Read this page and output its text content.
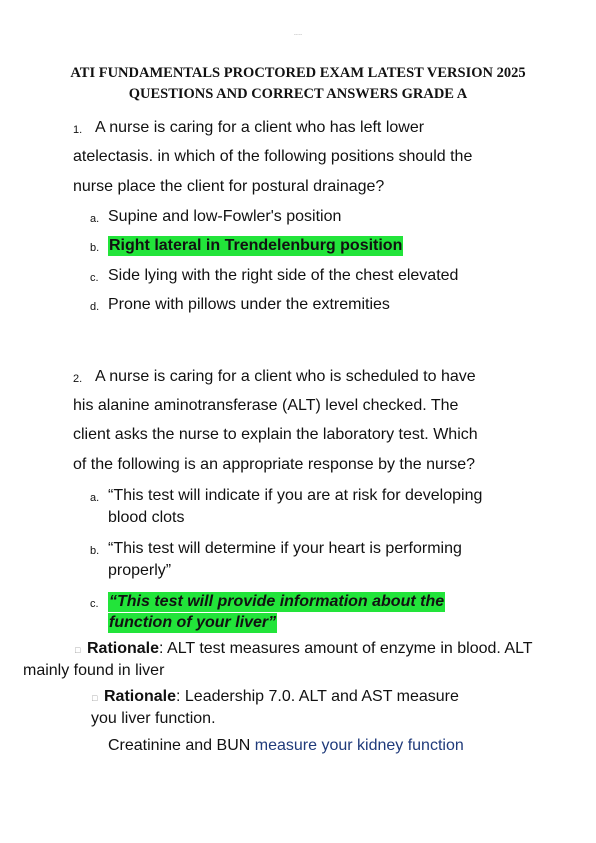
-----
ATI FUNDAMENTALS PROCTORED EXAM LATEST VERSION 2025
QUESTIONS AND CORRECT ANSWERS GRADE A
1. A nurse is caring for a client who has left lower
atelectasis. in which of the following positions should the
nurse place the client for postural drainage?
a. Supine and low-Fowler's position
b. Right lateral in Trendelenburg position
c. Side lying with the right side of the chest elevated
d. Prone with pillows under the extremities
2. A nurse is caring for a client who is scheduled to have
his alanine aminotransferase (ALT) level checked. The
client asks the nurse to explain the laboratory test. Which
of the following is an appropriate response by the nurse?
a. “This test will indicate if you are at risk for developing
blood clots
b. “This test will determine if your heart is performing
properly”
c. “This test will provide information about the
function of your liver”
□ Rationale: ALT test measures amount of enzyme in blood. ALT
mainly found in liver
□ Rationale: Leadership 7.0. ALT and AST measure
you liver function.
Creatinine and BUN measure your kidney function
